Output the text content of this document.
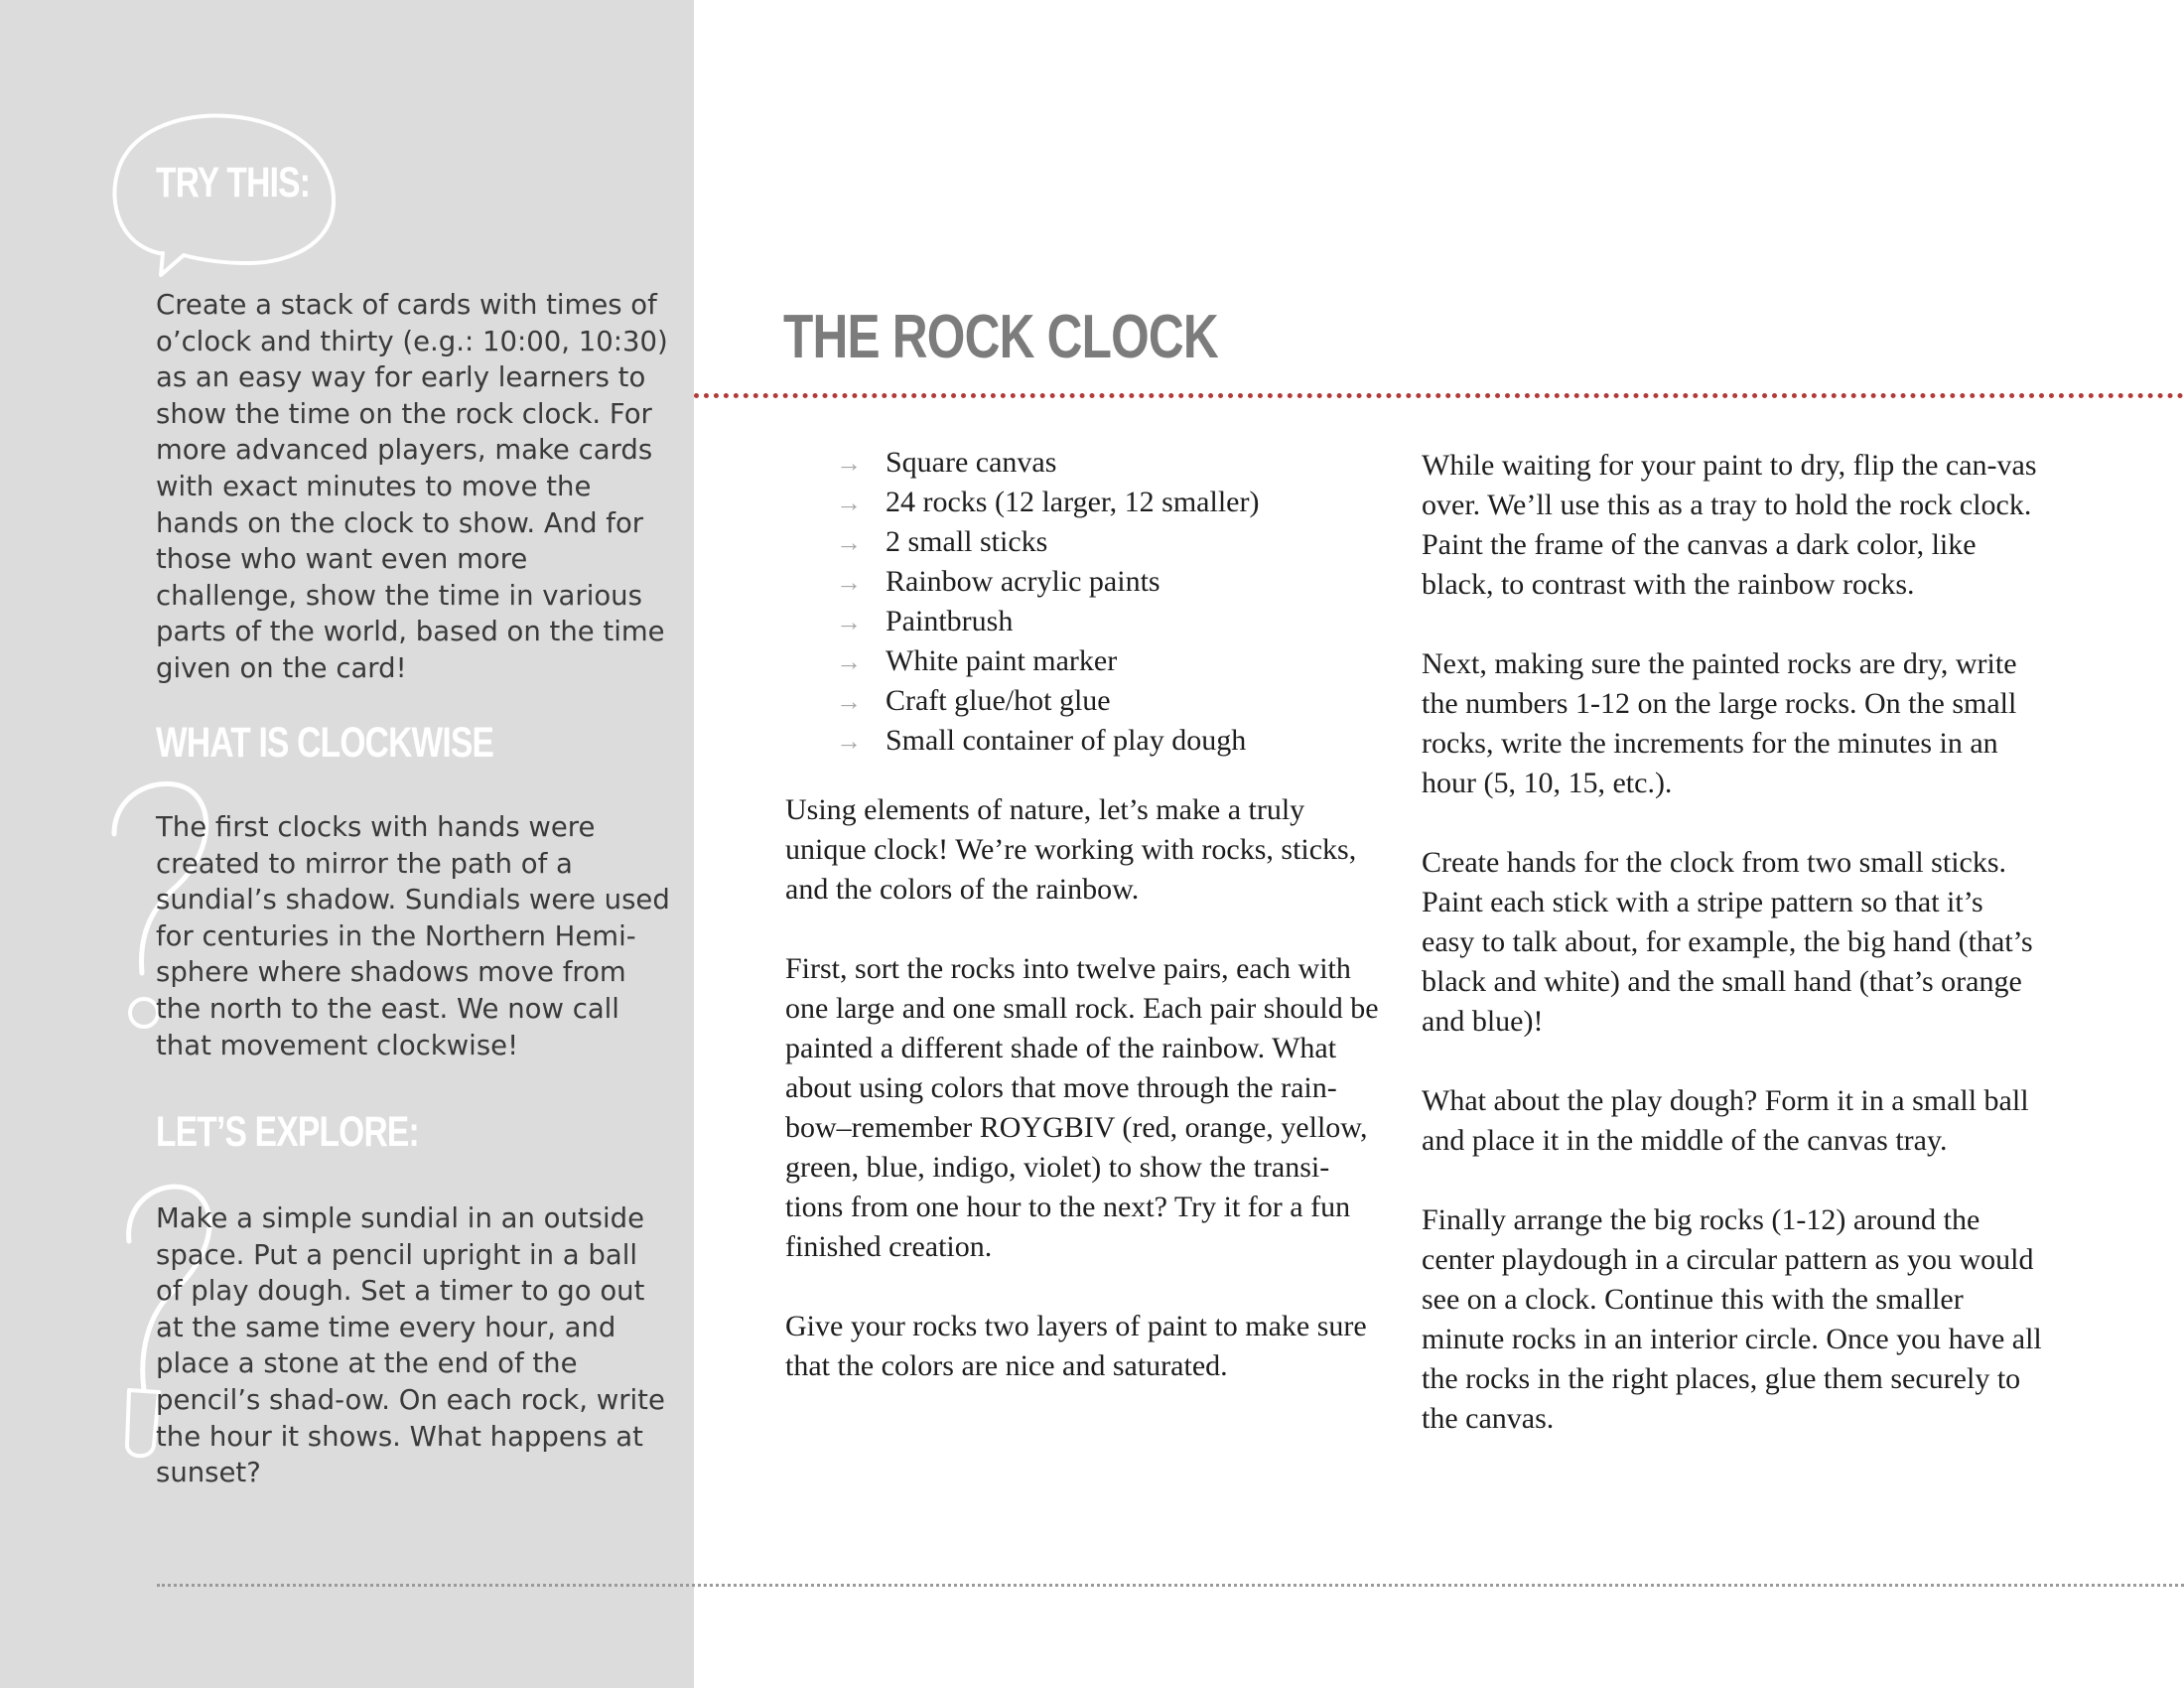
TRY THIS:

Create a stack of cards with times of o’clock and thirty (e.g.: 10:00, 10:30) as an easy way for early learners to show the time on the rock clock. For more advanced players, make cards with exact minutes to move the hands on the clock to show. And for those who want even more challenge, show the time in various parts of the world, based on the time given on the card!

WHAT IS CLOCKWISE

The first clocks with hands were created to mirror the path of a sundial’s shadow. Sundials were used for centuries in the Northern Hemi-sphere where shadows move from the north to the east. We now call that movement clockwise!

LET’S EXPLORE:

Make a simple sundial in an outside space. Put a pencil upright in a ball of play dough. Set a timer to go out at the same time every hour, and place a stone at the end of the pencil’s shad-ow. On each rock, write the hour it shows. What happens at sunset?

THE ROCK CLOCK
→ Square canvas
→ 24 rocks (12 larger, 12 smaller)
→ 2 small sticks
→ Rainbow acrylic paints
→ Paintbrush
→ White paint marker
→ Craft glue/hot glue
→ Small container of play dough

Using elements of nature, let’s make a truly unique clock! We’re working with rocks, sticks, and the colors of the rainbow.

First, sort the rocks into twelve pairs, each with one large and one small rock. Each pair should be painted a different shade of the rainbow. What about using colors that move through the rain-bow–remember ROYGBIV (red, orange, yellow, green, blue, indigo, violet) to show the transi-tions from one hour to the next? Try it for a fun finished creation.

Give your rocks two layers of paint to make sure that the colors are nice and saturated.

While waiting for your paint to dry, flip the can-vas over. We’ll use this as a tray to hold the rock clock. Paint the frame of the canvas a dark color, like black, to contrast with the rainbow rocks.

Next, making sure the painted rocks are dry, write the numbers 1-12 on the large rocks. On the small rocks, write the increments for the minutes in an hour (5, 10, 15, etc.).

Create hands for the clock from two small sticks. Paint each stick with a stripe pattern so that it’s easy to talk about, for example, the big hand (that’s black and white) and the small hand (that’s orange and blue)!

What about the play dough? Form it in a small ball and place it in the middle of the canvas tray.

Finally arrange the big rocks (1-12) around the center playdough in a circular pattern as you would see on a clock. Continue this with the smaller minute rocks in an interior circle. Once you have all the rocks in the right places, glue them securely to the canvas.
